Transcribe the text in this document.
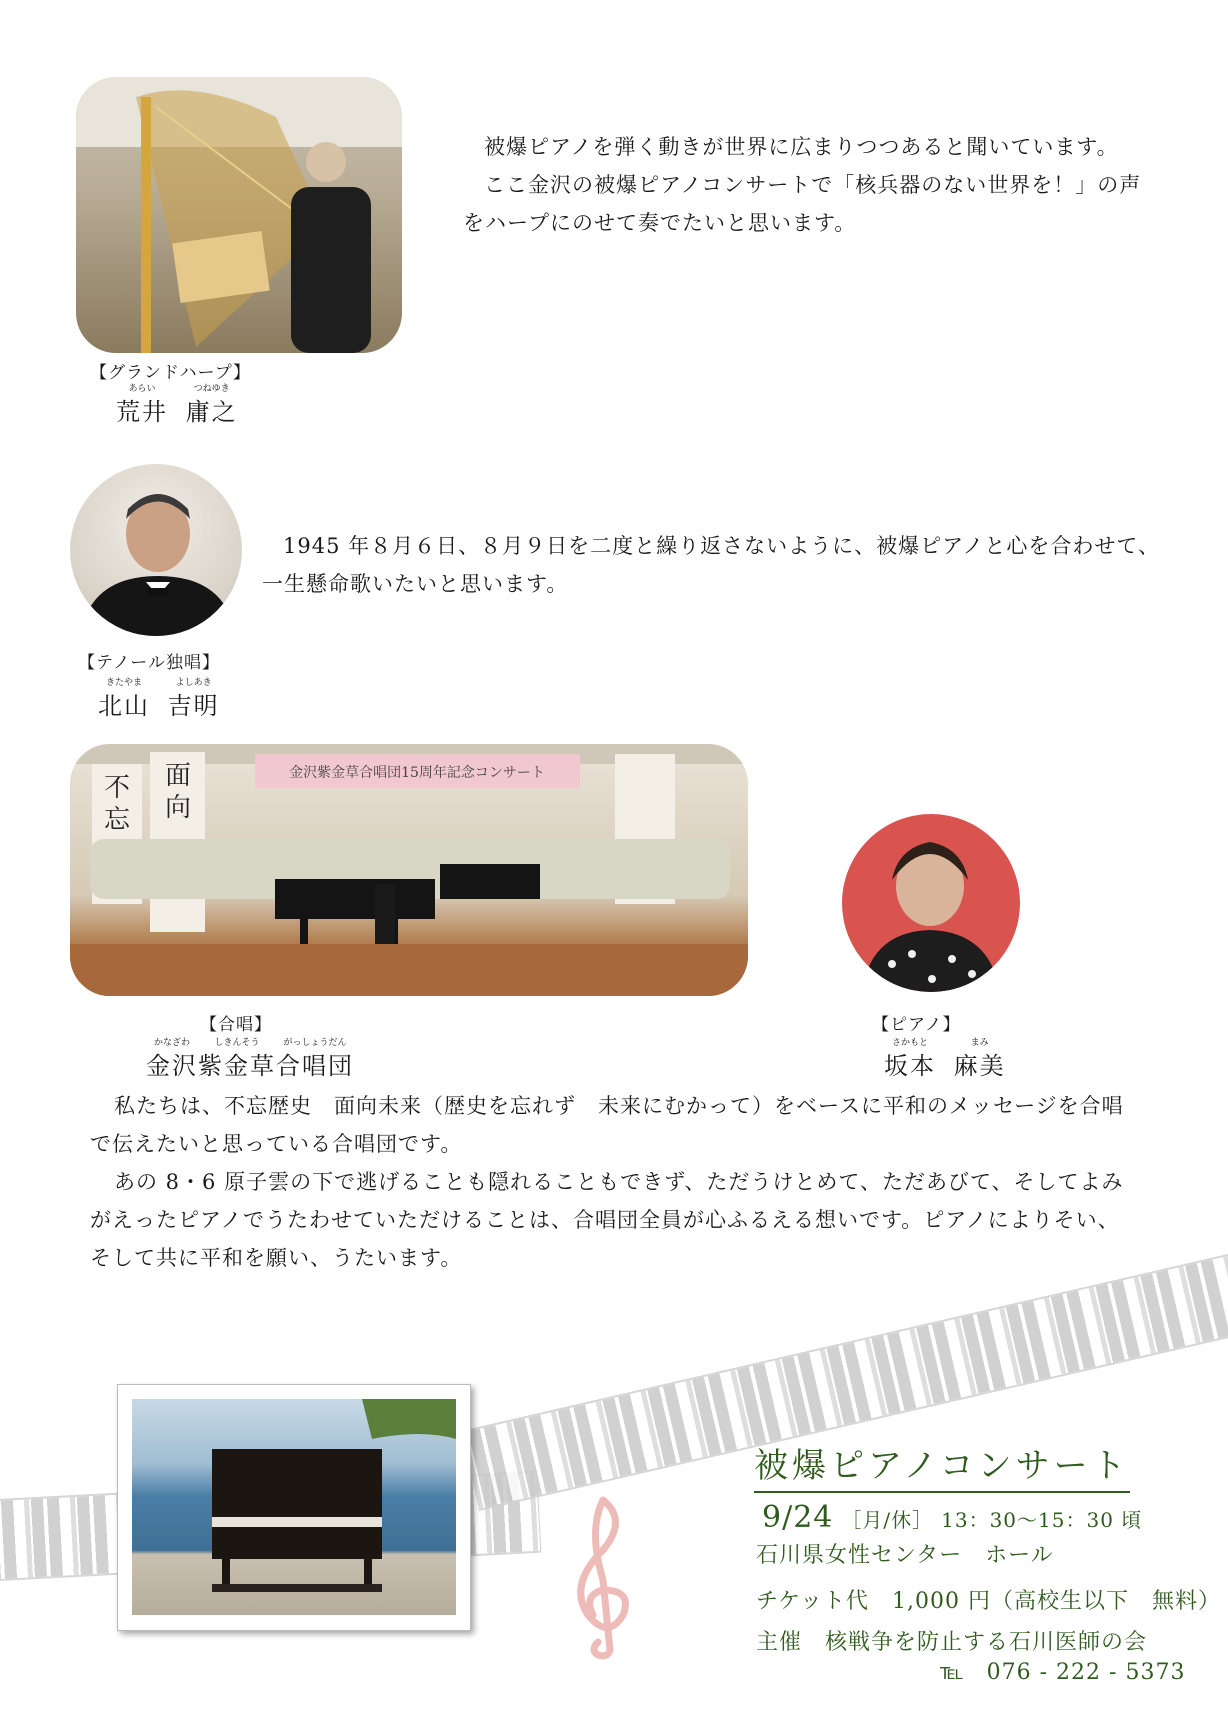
被爆ピアノを弾く動きが世界に広まりつつあると聞いています。

ここ金沢の被爆ピアノコンサートで「核兵器のない世界を！」の声をハープにのせて奏でたいと思います。

【グランドハープ】
あらい
荒井
つねゆき
庸之

1945 年８月６日、８月９日を二度と繰り返さないように、被爆ピアノと心を合わせて、一生懸命歌いたいと思います。

【テノール独唱】
きたやま
北山
よしあき
吉明
面
向
不
忘
金沢紫金草合唱団15周年記念コンサート
【合唱】
かなざわ
金沢
しきんそう
紫金草
がっしょうだん
合唱団
【ピアノ】
さかもと
坂本
まみ
麻美

私たちは、不忘歴史　面向未来（歴史を忘れず　未来にむかって）をベースに平和のメッセージを合唱で伝えたいと思っている合唱団です。

あの 8・6 原子雲の下で逃げることも隠れることもできず、ただうけとめて、ただあびて、そしてよみがえったピアノでうたわせていただけることは、合唱団全員が心ふるえる想いです。ピアノによりそい、そして共に平和を願い、うたいます。

被爆ピアノコンサート
9/24 ［月/休］ 13：30〜15：30 頃
石川県女性センター　ホール
チケット代　1,000 円（高校生以下　無料）
主催　核戦争を防止する石川医師の会
℡ 076 - 222 - 5373
